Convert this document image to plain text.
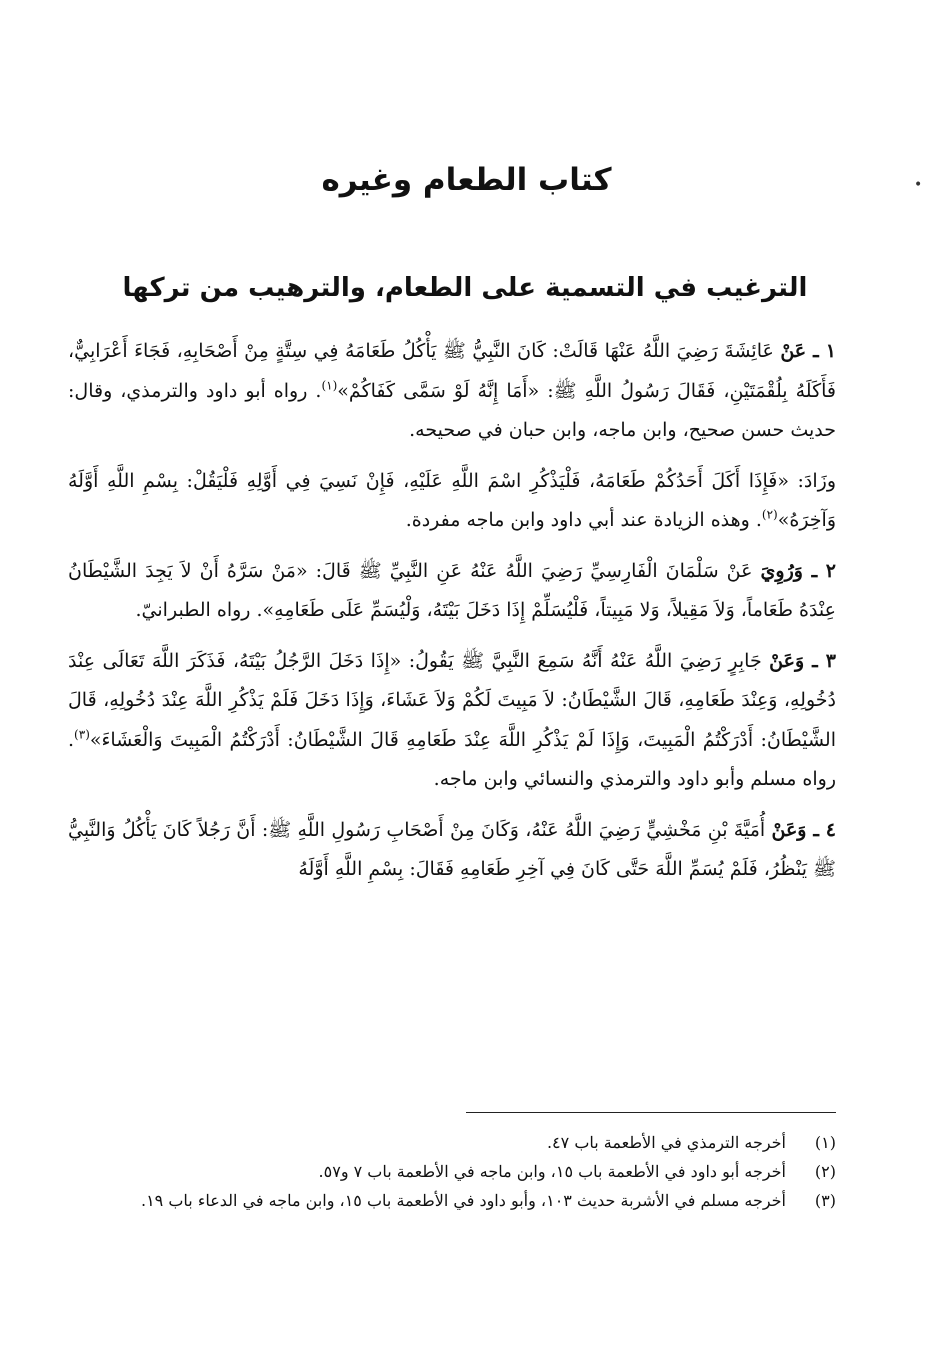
•
كتاب الطعام وغيره
الترغيب في التسمية على الطعام، والترهيب من تركها

١ ـ عَنْ عَائِشَةَ رَضِيَ اللَّهُ عَنْهَا قَالَتْ: كَانَ النَّبِيُّ ﷺ يَأْكُلُ طَعَامَهُ فِي سِتَّةٍ مِنْ أَصْحَابِهِ، فَجَاءَ أَعْرَابِيٌّ، فَأَكَلَهُ بِلُقْمَتَيْنِ، فَقَالَ رَسُولُ اللَّهِ ﷺ: «أَمَا إِنَّهُ لَوْ سَمَّى كَفَاكُمْ»$^{(١)}$. رواه أبو داود والترمذي، وقال: حديث حسن صحيح، وابن ماجه، وابن حبان في صحيحه.

وزَادَ: «فَإِذَا أَكَلَ أَحَدُكُمْ طَعَامَهُ، فَلْيَذْكُرِ اسْمَ اللَّهِ عَلَيْهِ، فَإِنْ نَسِيَ فِي أَوَّلِهِ فَلْيَقُلْ: بِسْمِ اللَّهِ أَوَّلَهُ وَآخِرَهُ»$^{(٢)}$. وهذه الزيادة عند أبي داود وابن ماجه مفردة.

٢ ـ وَرُوِيَ عَنْ سَلْمَانَ الْفَارِسِيِّ رَضِيَ اللَّهُ عَنْهُ عَنِ النَّبِيِّ ﷺ قَالَ: «مَنْ سَرَّهُ أَنْ لاَ يَجِدَ الشَّيْطَانُ عِنْدَهُ طَعَاماً، وَلاَ مَقِيلاً، وَلا مَبِيتاً، فَلْيُسَلِّمْ إِذَا دَخَلَ بَيْتَهُ، وَلْيُسَمِّ عَلَى طَعَامِهِ». رواه الطبرانيّ.

٣ ـ وَعَنْ جَابِرٍ رَضِيَ اللَّهُ عَنْهُ أَنَّهُ سَمِعَ النَّبِيَّ ﷺ يَقُولُ: «إِذَا دَخَلَ الرَّجُلُ بَيْتَهُ، فَذَكَرَ اللَّهَ تَعَالَى عِنْدَ دُخُولِهِ، وَعِنْدَ طَعَامِهِ، قَالَ الشَّيْطَانُ: لاَ مَبِيتَ لَكُمْ وَلاَ عَشَاءَ، وَإِذَا دَخَلَ فَلَمْ يَذْكُرِ اللَّهَ عِنْدَ دُخُولِهِ، قَالَ الشَّيْطَانُ: أَدْرَكْتُمُ الْمَبِيتَ، وَإِذَا لَمْ يَذْكُرِ اللَّهَ عِنْدَ طَعَامِهِ قَالَ الشَّيْطَانُ: أَدْرَكْتُمُ الْمَبِيتَ وَالْعَشَاءَ»$^{(٣)}$. رواه مسلم وأبو داود والترمذي والنسائي وابن ماجه.

٤ ـ وَعَنْ أُمَيَّةَ بْنِ مَخْشِيٍّ رَضِيَ اللَّهُ عَنْهُ، وَكَانَ مِنْ أَصْحَابِ رَسُولِ اللَّهِ ﷺ: أَنَّ رَجُلاً كَانَ يَأْكُلُ وَالنَّبِيُّ ﷺ يَنْظُرُ، فَلَمْ يُسَمِّ اللَّهَ حَتَّى كَانَ فِي آخِرِ طَعَامِهِ فَقَالَ: بِسْمِ اللَّهِ أَوَّلَهُ

(١)
أخرجه الترمذي في الأطعمة باب ٤٧.
(٢)
أخرجه أبو داود في الأطعمة باب ١٥، وابن ماجه في الأطعمة باب ٧ و٥٧.
(٣)
أخرجه مسلم في الأشربة حديث ١٠٣، وأبو داود في الأطعمة باب ١٥، وابن ماجه في الدعاء باب ١٩.
